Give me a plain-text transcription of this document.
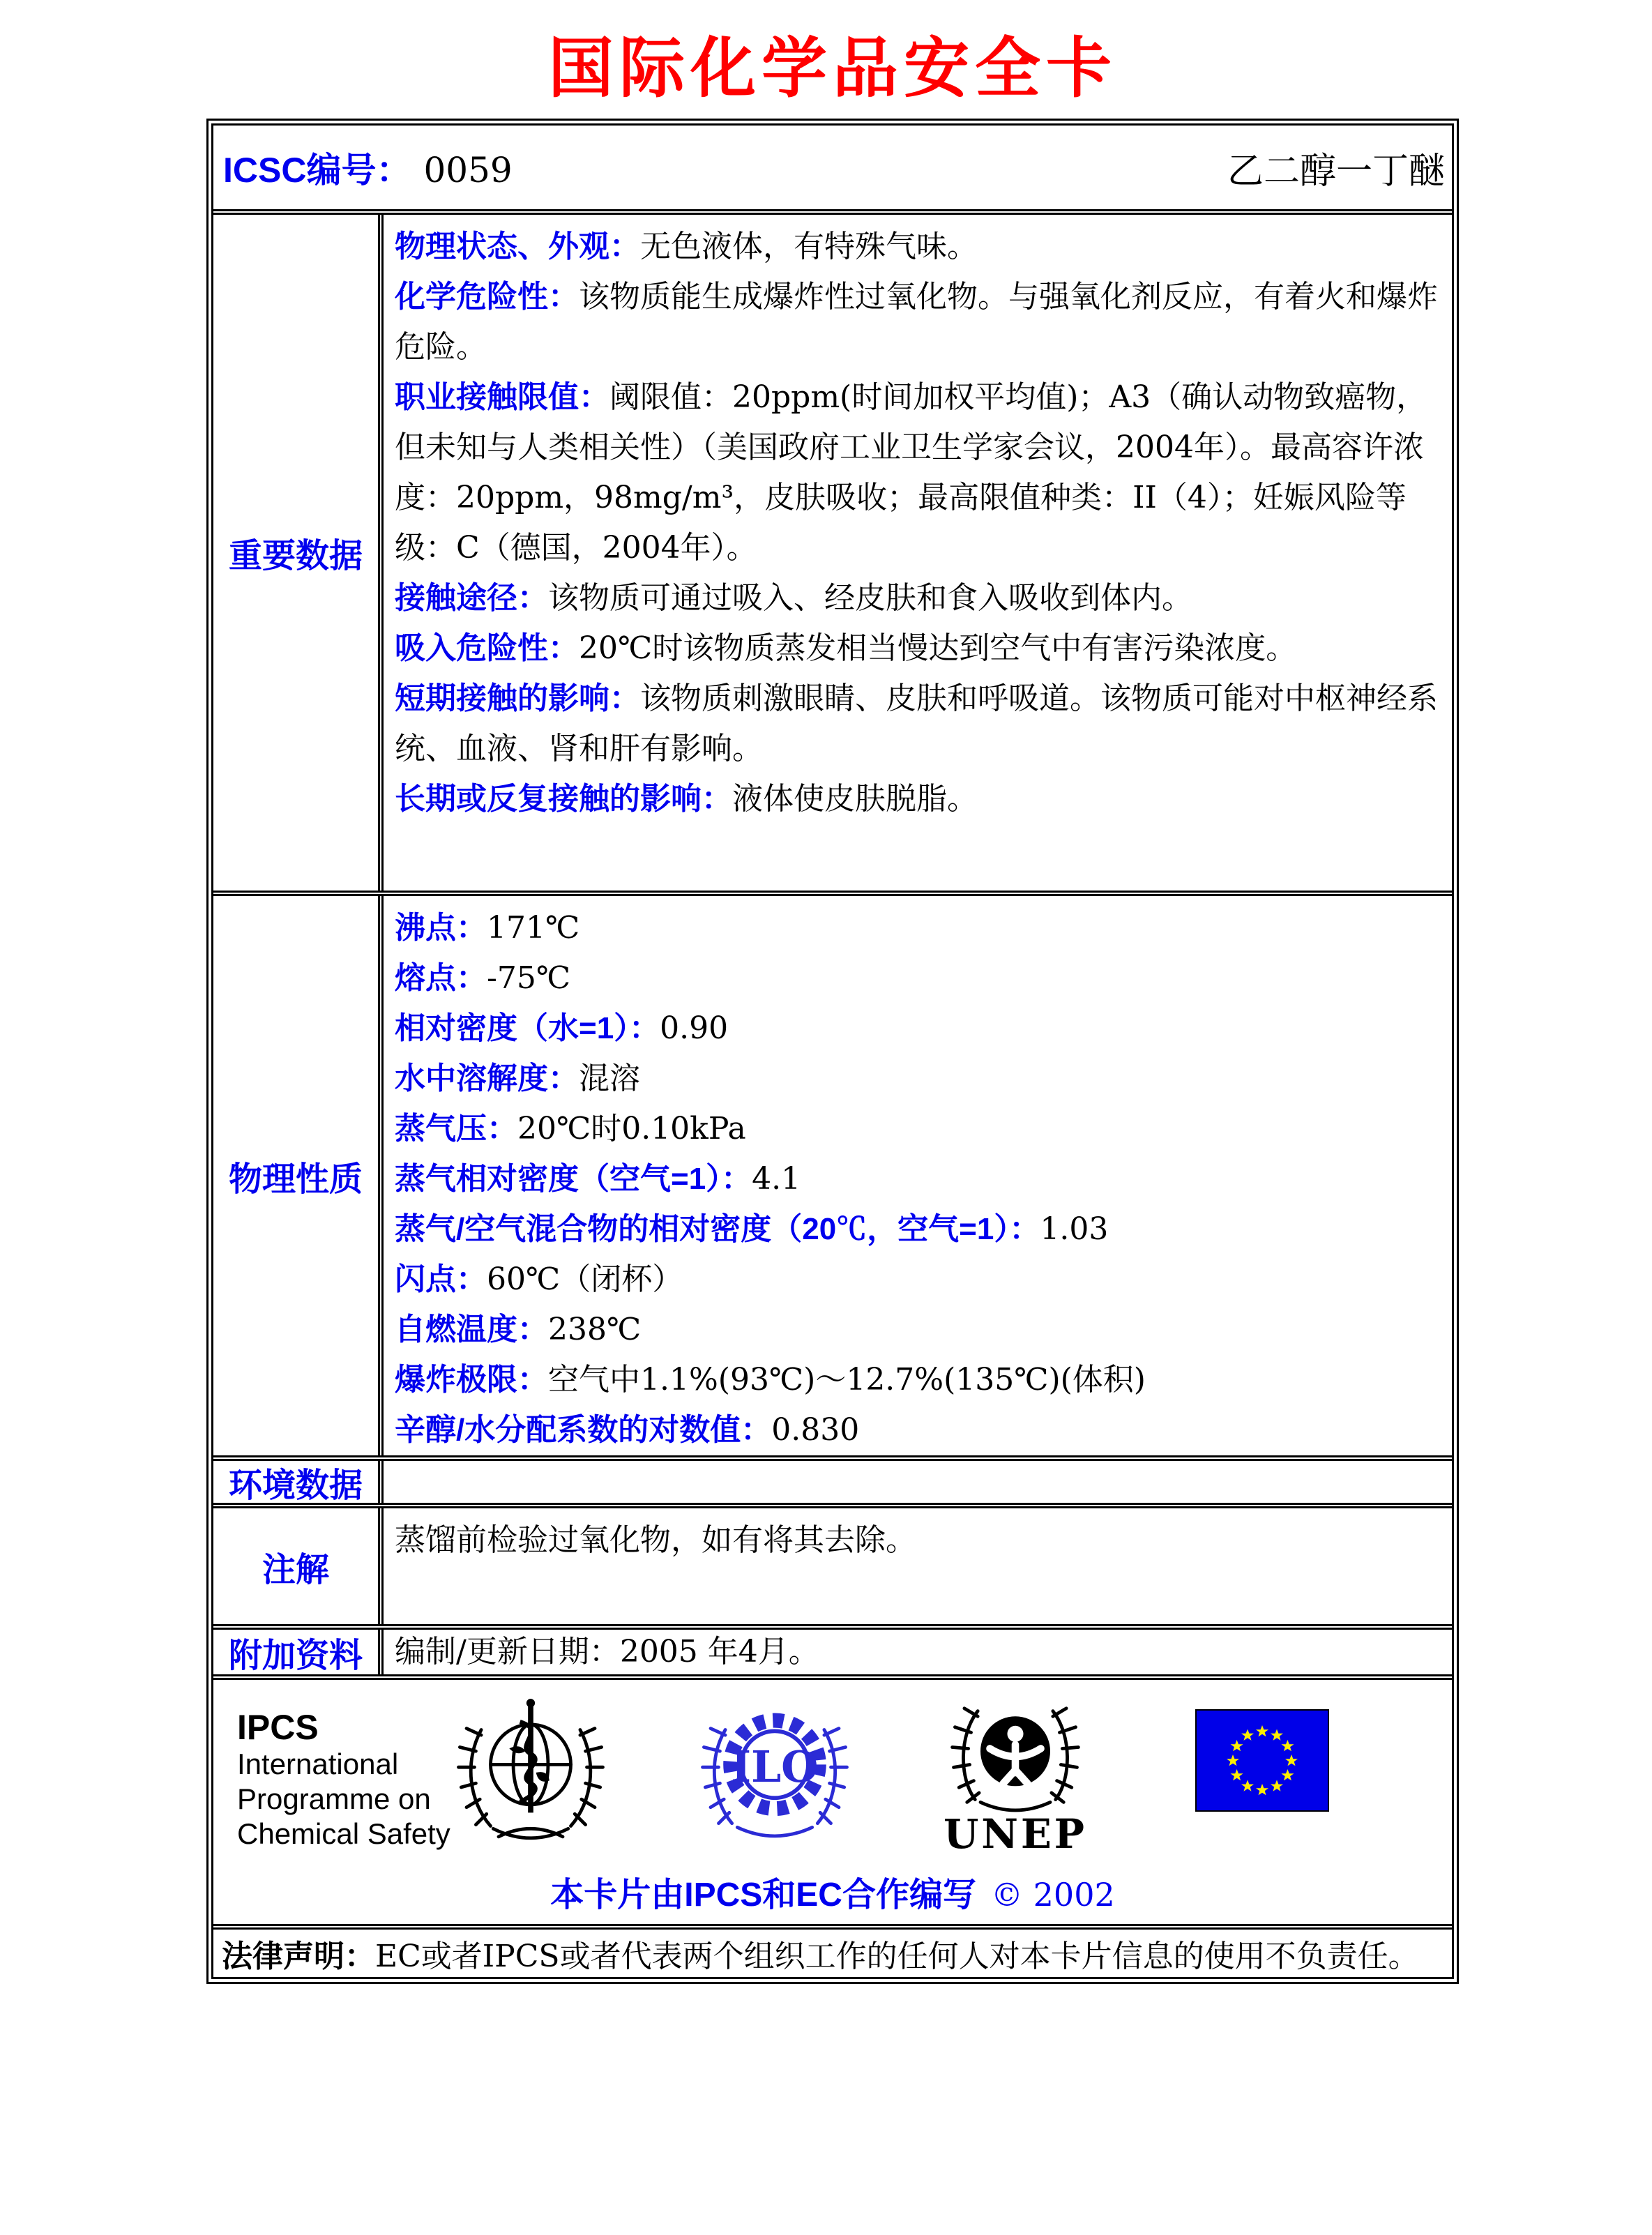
国际化学品安全卡
ICSC编号： 0059	乙二醇一丁醚
重要数据

物理状态、外观：无色液体，有特殊气味。

化学危险性：该物质能生成爆炸性过氧化物。与强氧化剂反应，有着火和爆炸危险。

职业接触限值：阈限值：20ppm(时间加权平均值)；A3（确认动物致癌物，但未知与人类相关性）（美国政府工业卫生学家会议，2004年）。最高容许浓度：20ppm，98mg/m³，皮肤吸收；最高限值种类：II（4）；妊娠风险等级：C（德国，2004年）。

接触途径：该物质可通过吸入、经皮肤和食入吸收到体内。

吸入危险性：20℃时该物质蒸发相当慢达到空气中有害污染浓度。

短期接触的影响：该物质刺激眼睛、皮肤和呼吸道。该物质可能对中枢神经系统、血液、肾和肝有影响。

长期或反复接触的影响：液体使皮肤脱脂。

物理性质

沸点：171℃

熔点：-75℃

相对密度（水=1）：0.90

水中溶解度：混溶

蒸气压：20℃时0.10kPa

蒸气相对密度（空气=1）：4.1

蒸气/空气混合物的相对密度（20℃，空气=1）：1.03

闪点：60℃（闭杯）

自燃温度：238℃

爆炸极限：空气中1.1%(93℃)～12.7%(135℃)(体积)

辛醇/水分配系数的对数值：0.830

环境数据
注解

蒸馏前检验过氧化物，如有将其去除。

附加资料	编制/更新日期：2005 年4月。

IPCS
International Programme on Chemical Safety
ILO
UNEP
本卡片由IPCS和EC合作编写 © 2002
法律声明： EC或者IPCS或者代表两个组织工作的任何人对本卡片信息的使用不负责任。
